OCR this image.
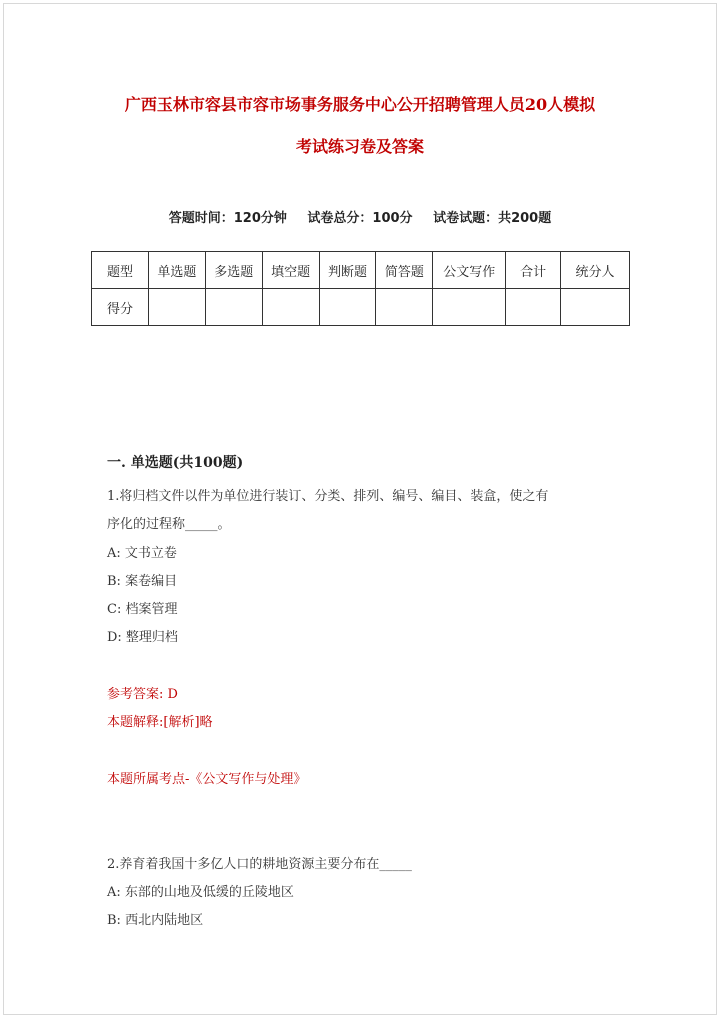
广西玉林市容县市容市场事务服务中心公开招聘管理人员20人模拟
考试练习卷及答案
答题时间：120分钟 试卷总分：100分 试卷试题：共200题
题型	单选题	多选题	填空题	判断题	简答题	公文写作	合计	统分人
得分								
一. 单选题(共100题)
1.将归档文件以件为单位进行装订、分类、排列、编号、编目、装盒，使之有
序化的过程称_____。
A: 文书立卷
B: 案卷编目
C: 档案管理
D: 整理归档
参考答案: D
本题解释:[解析]略
本题所属考点-《公文写作与处理》
2.养育着我国十多亿人口的耕地资源主要分布在_____
A: 东部的山地及低缓的丘陵地区
B: 西北内陆地区
